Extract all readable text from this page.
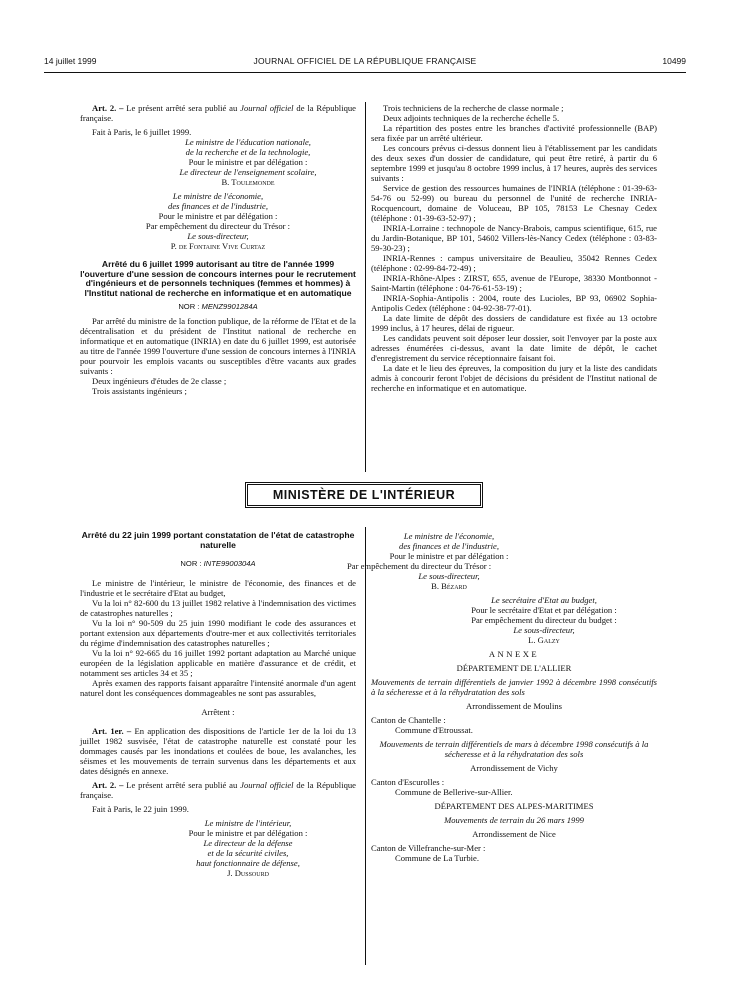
14 juillet 1999	JOURNAL OFFICIEL DE LA RÉPUBLIQUE FRANÇAISE	10499

Art. 2. – Le présent arrêté sera publié au Journal officiel de la République française.

Fait à Paris, le 6 juillet 1999.

Le ministre de l'éducation nationale,

de la recherche et de la technologie,

Pour le ministre et par délégation :

Le directeur de l'enseignement scolaire,

B. Toulemonde

Le ministre de l'économie,

des finances et de l'industrie,

Pour le ministre et par délégation :

Par empêchement du directeur du Trésor :

Le sous-directeur,

P. de Fontaine Vive Curtaz

Arrêté du 6 juillet 1999 autorisant au titre de l'année 1999 l'ouverture d'une session de concours internes pour le recrutement d'ingénieurs et de personnels techniques (femmes et hommes) à l'Institut national de recherche en informatique et en automatique

NOR : MENZ9901284A

Par arrêté du ministre de la fonction publique, de la réforme de l'Etat et de la décentralisation et du président de l'Institut national de recherche en informatique et en automatique (INRIA) en date du 6 juillet 1999, est autorisée au titre de l'année 1999 l'ouverture d'une session de concours internes à l'INRIA pour pourvoir les emplois vacants ou susceptibles d'être vacants aux grades suivants :

Deux ingénieurs d'études de 2e classe ;

Trois assistants ingénieurs ;

Trois techniciens de la recherche de classe normale ;

Deux adjoints techniques de la recherche échelle 5.

La répartition des postes entre les branches d'activité professionnelle (BAP) sera fixée par un arrêté ultérieur.

Les concours prévus ci-dessus donnent lieu à l'établissement par les candidats des deux sexes d'un dossier de candidature, qui peut être retiré, à partir du 6 septembre 1999 et jusqu'au 8 octobre 1999 inclus, à 17 heures, auprès des services suivants :

Service de gestion des ressources humaines de l'INRIA (téléphone : 01-39-63-54-76 ou 52-99) ou bureau du personnel de l'unité de recherche INRIA-Rocquencourt, domaine de Voluceau, BP 105, 78153 Le Chesnay Cedex (téléphone : 01-39-63-52-97) ;

INRIA-Lorraine : technopole de Nancy-Brabois, campus scientifique, 615, rue du Jardin-Botanique, BP 101, 54602 Villers-lès-Nancy Cedex (téléphone : 03-83-59-30-23) ;

INRIA-Rennes : campus universitaire de Beaulieu, 35042 Rennes Cedex (téléphone : 02-99-84-72-49) ;

INRIA-Rhône-Alpes : ZIRST, 655, avenue de l'Europe, 38330 Montbonnot - Saint-Martin (téléphone : 04-76-61-53-19) ;

INRIA-Sophia-Antipolis : 2004, route des Lucioles, BP 93, 06902 Sophia-Antipolis Cedex (téléphone : 04-92-38-77-01).

La date limite de dépôt des dossiers de candidature est fixée au 13 octobre 1999 inclus, à 17 heures, délai de rigueur.

Les candidats peuvent soit déposer leur dossier, soit l'envoyer par la poste aux adresses énumérées ci-dessus, avant la date limite de dépôt, le cachet d'enregistrement du service réceptionnaire faisant foi.

La date et le lieu des épreuves, la composition du jury et la liste des candidats admis à concourir feront l'objet de décisions du président de l'Institut national de recherche en informatique et en automatique.

MINISTÈRE DE L'INTÉRIEUR

Arrêté du 22 juin 1999 portant constatation de l'état de catastrophe naturelle

NOR : INTE9900304A

Le ministre de l'intérieur, le ministre de l'économie, des finances et de l'industrie et le secrétaire d'Etat au budget,

Vu la loi n° 82-600 du 13 juillet 1982 relative à l'indemnisation des victimes de catastrophes naturelles ;

Vu la loi n° 90-509 du 25 juin 1990 modifiant le code des assurances et portant extension aux départements d'outre-mer et aux collectivités territoriales du régime d'indemnisation des catastrophes naturelles ;

Vu la loi n° 92-665 du 16 juillet 1992 portant adaptation au Marché unique européen de la législation applicable en matière d'assurance et de crédit, et notamment ses articles 34 et 35 ;

Après examen des rapports faisant apparaître l'intensité anormale d'un agent naturel dont les conséquences dommageables ne sont pas assurables,

Arrêtent :

Art. 1er. – En application des dispositions de l'article 1er de la loi du 13 juillet 1982 susvisée, l'état de catastrophe naturelle est constaté pour les dommages causés par les inondations et coulées de boue, les avalanches, les séismes et les mouvements de terrain survenus dans les départements et aux dates désignés en annexe.

Art. 2. – Le présent arrêté sera publié au Journal officiel de la République française.

Fait à Paris, le 22 juin 1999.

Le ministre de l'intérieur,

Pour le ministre et par délégation :

Le directeur de la défense

et de la sécurité civiles,

haut fonctionnaire de défense,

J. Dussourd

Le ministre de l'économie,

des finances et de l'industrie,

Pour le ministre et par délégation :

Par empêchement du directeur du Trésor :

Le sous-directeur,

B. Bézard

Le secrétaire d'Etat au budget,

Pour le secrétaire d'Etat et par délégation :

Par empêchement du directeur du budget :

Le sous-directeur,

L. Galzy

ANNEXE

DÉPARTEMENT DE L'ALLIER

Mouvements de terrain différentiels de janvier 1992 à décembre 1998 consécutifs à la sécheresse et à la réhydratation des sols

Arrondissement de Moulins

Canton de Chantelle :

Commune d'Etroussat.

Mouvements de terrain différentiels de mars à décembre 1998 consécutifs à la sécheresse et à la réhydratation des sols

Arrondissement de Vichy

Canton d'Escurolles :

Commune de Bellerive-sur-Allier.

DÉPARTEMENT DES ALPES-MARITIMES

Mouvements de terrain du 26 mars 1999

Arrondissement de Nice

Canton de Villefranche-sur-Mer :

Commune de La Turbie.
